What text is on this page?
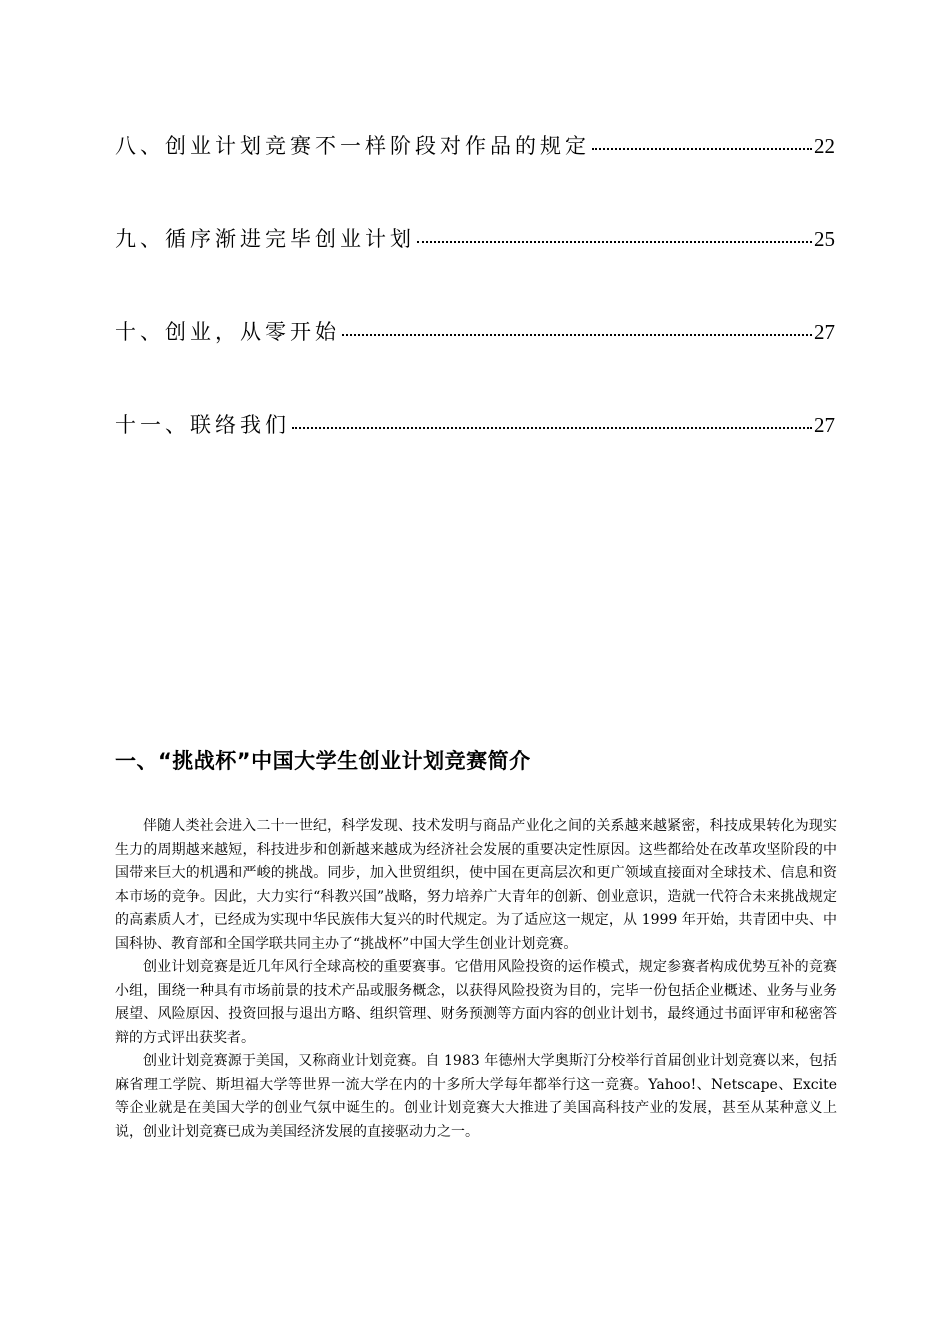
八、创业计划竞赛不一样阶段对作品的规定	22
九、循序渐进完毕创业计划	25
十、创业，从零开始	27
十一、联络我们	27
一、“挑战杯”中国大学生创业计划竞赛简介

伴随人类社会进入二十一世纪，科学发现、技术发明与商品产业化之间的关系越来越紧密，科技成果转化为现实生力的周期越来越短，科技进步和创新越来越成为经济社会发展的重要决定性原因。这些都给处在改革攻坚阶段的中国带来巨大的机遇和严峻的挑战。同步，加入世贸组织，使中国在更高层次和更广领域直接面对全球技术、信息和资本市场的竞争。因此，大力实行“科教兴国”战略，努力培养广大青年的创新、创业意识，造就一代符合未来挑战规定的高素质人才，已经成为实现中华民族伟大复兴的时代规定。为了适应这一规定，从 1999 年开始，共青团中央、中国科协、教育部和全国学联共同主办了“挑战杯”中国大学生创业计划竞赛。

创业计划竞赛是近几年风行全球高校的重要赛事。它借用风险投资的运作模式，规定参赛者构成优势互补的竞赛小组，围绕一种具有市场前景的技术产品或服务概念，以获得风险投资为目的，完毕一份包括企业概述、业务与业务展望、风险原因、投资回报与退出方略、组织管理、财务预测等方面内容的创业计划书，最终通过书面评审和秘密答辩的方式评出获奖者。

创业计划竞赛源于美国，又称商业计划竞赛。自 1983 年德州大学奥斯汀分校举行首届创业计划竞赛以来，包括麻省理工学院、斯坦福大学等世界一流大学在内的十多所大学每年都举行这一竞赛。Yahoo!、Netscape、Excite 等企业就是在美国大学的创业气氛中诞生的。创业计划竞赛大大推进了美国高科技产业的发展，甚至从某种意义上说，创业计划竞赛已成为美国经济发展的直接驱动力之一。
